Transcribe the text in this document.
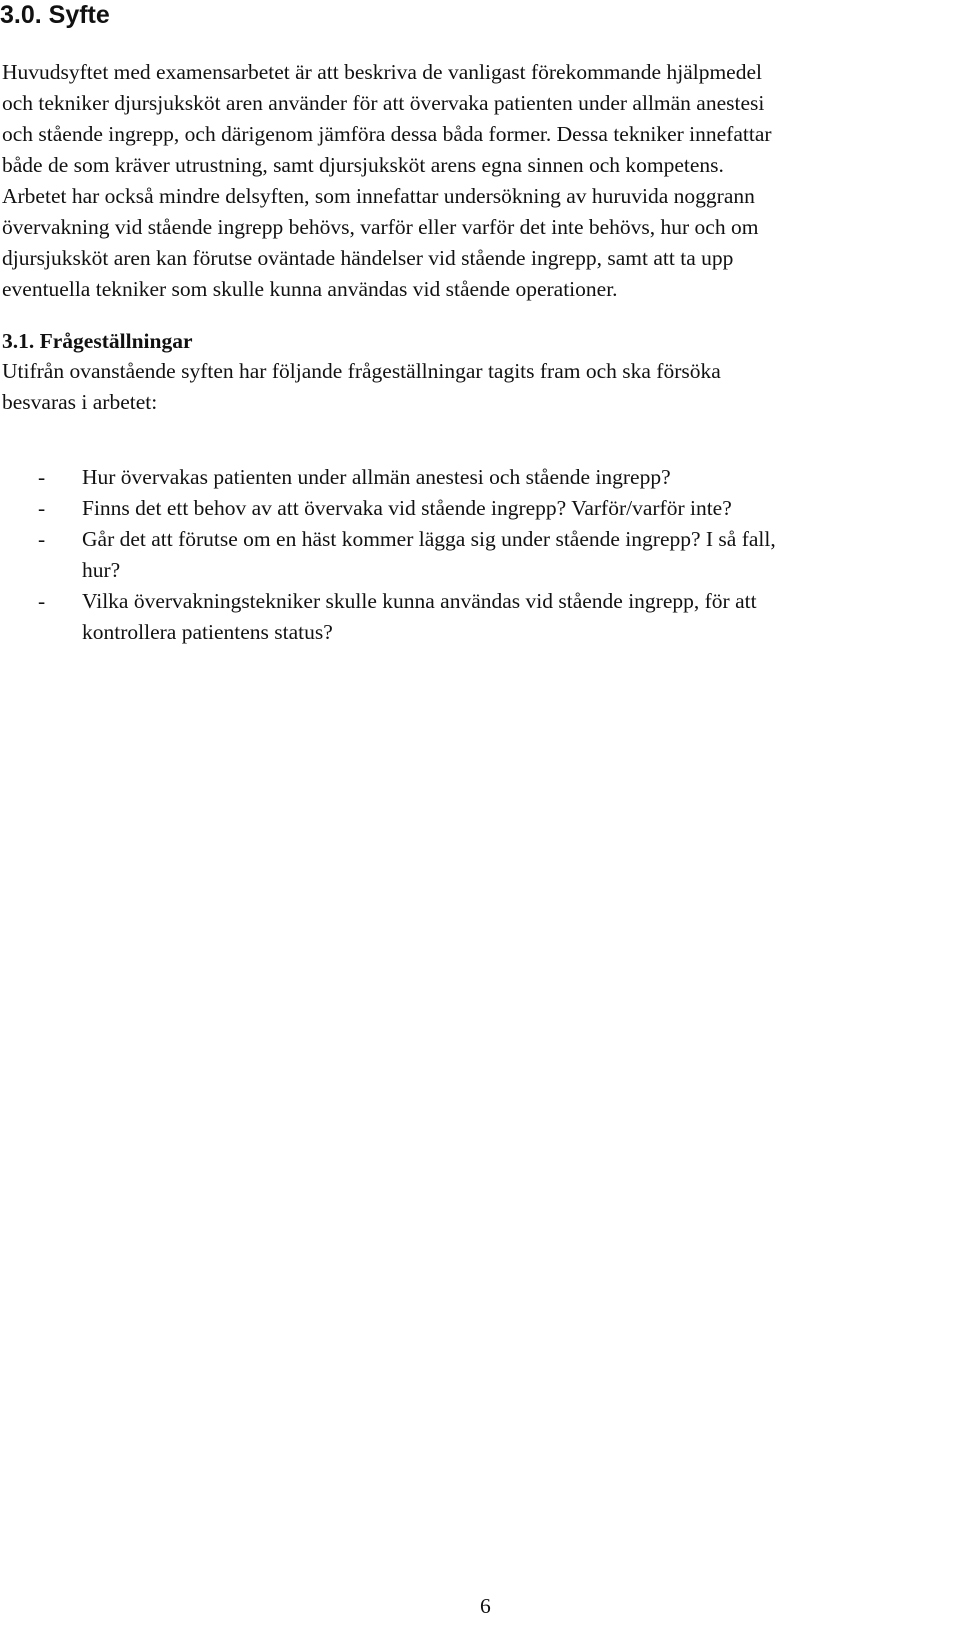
3.0. Syfte

Huvudsyftet med examensarbetet är att beskriva de vanligast förekommande hjälpmedel
och tekniker djursjuksköt aren använder för att övervaka patienten under allmän anestesi
och stående ingrepp, och därigenom jämföra dessa båda former. Dessa tekniker innefattar
både de som kräver utrustning, samt djursjuksköt arens egna sinnen och kompetens.
Arbetet har också mindre delsyften, som innefattar undersökning av huruvida noggrann
övervakning vid stående ingrepp behövs, varför eller varför det inte behövs, hur och om
djursjuksköt aren kan förutse oväntade händelser vid stående ingrepp, samt att ta upp
eventuella tekniker som skulle kunna användas vid stående operationer.

3.1. Frågeställningar

Utifrån ovanstående syften har följande frågeställningar tagits fram och ska försöka
besvaras i arbetet:

- Hur övervakas patienten under allmän anestesi och stående ingrepp?
- Finns det ett behov av att övervaka vid stående ingrepp? Varför/varför inte?
- Går det att förutse om en häst kommer lägga sig under stående ingrepp? I så fall,
hur?
- Vilka övervakningstekniker skulle kunna användas vid stående ingrepp, för att
kontrollera patientens status?
6
